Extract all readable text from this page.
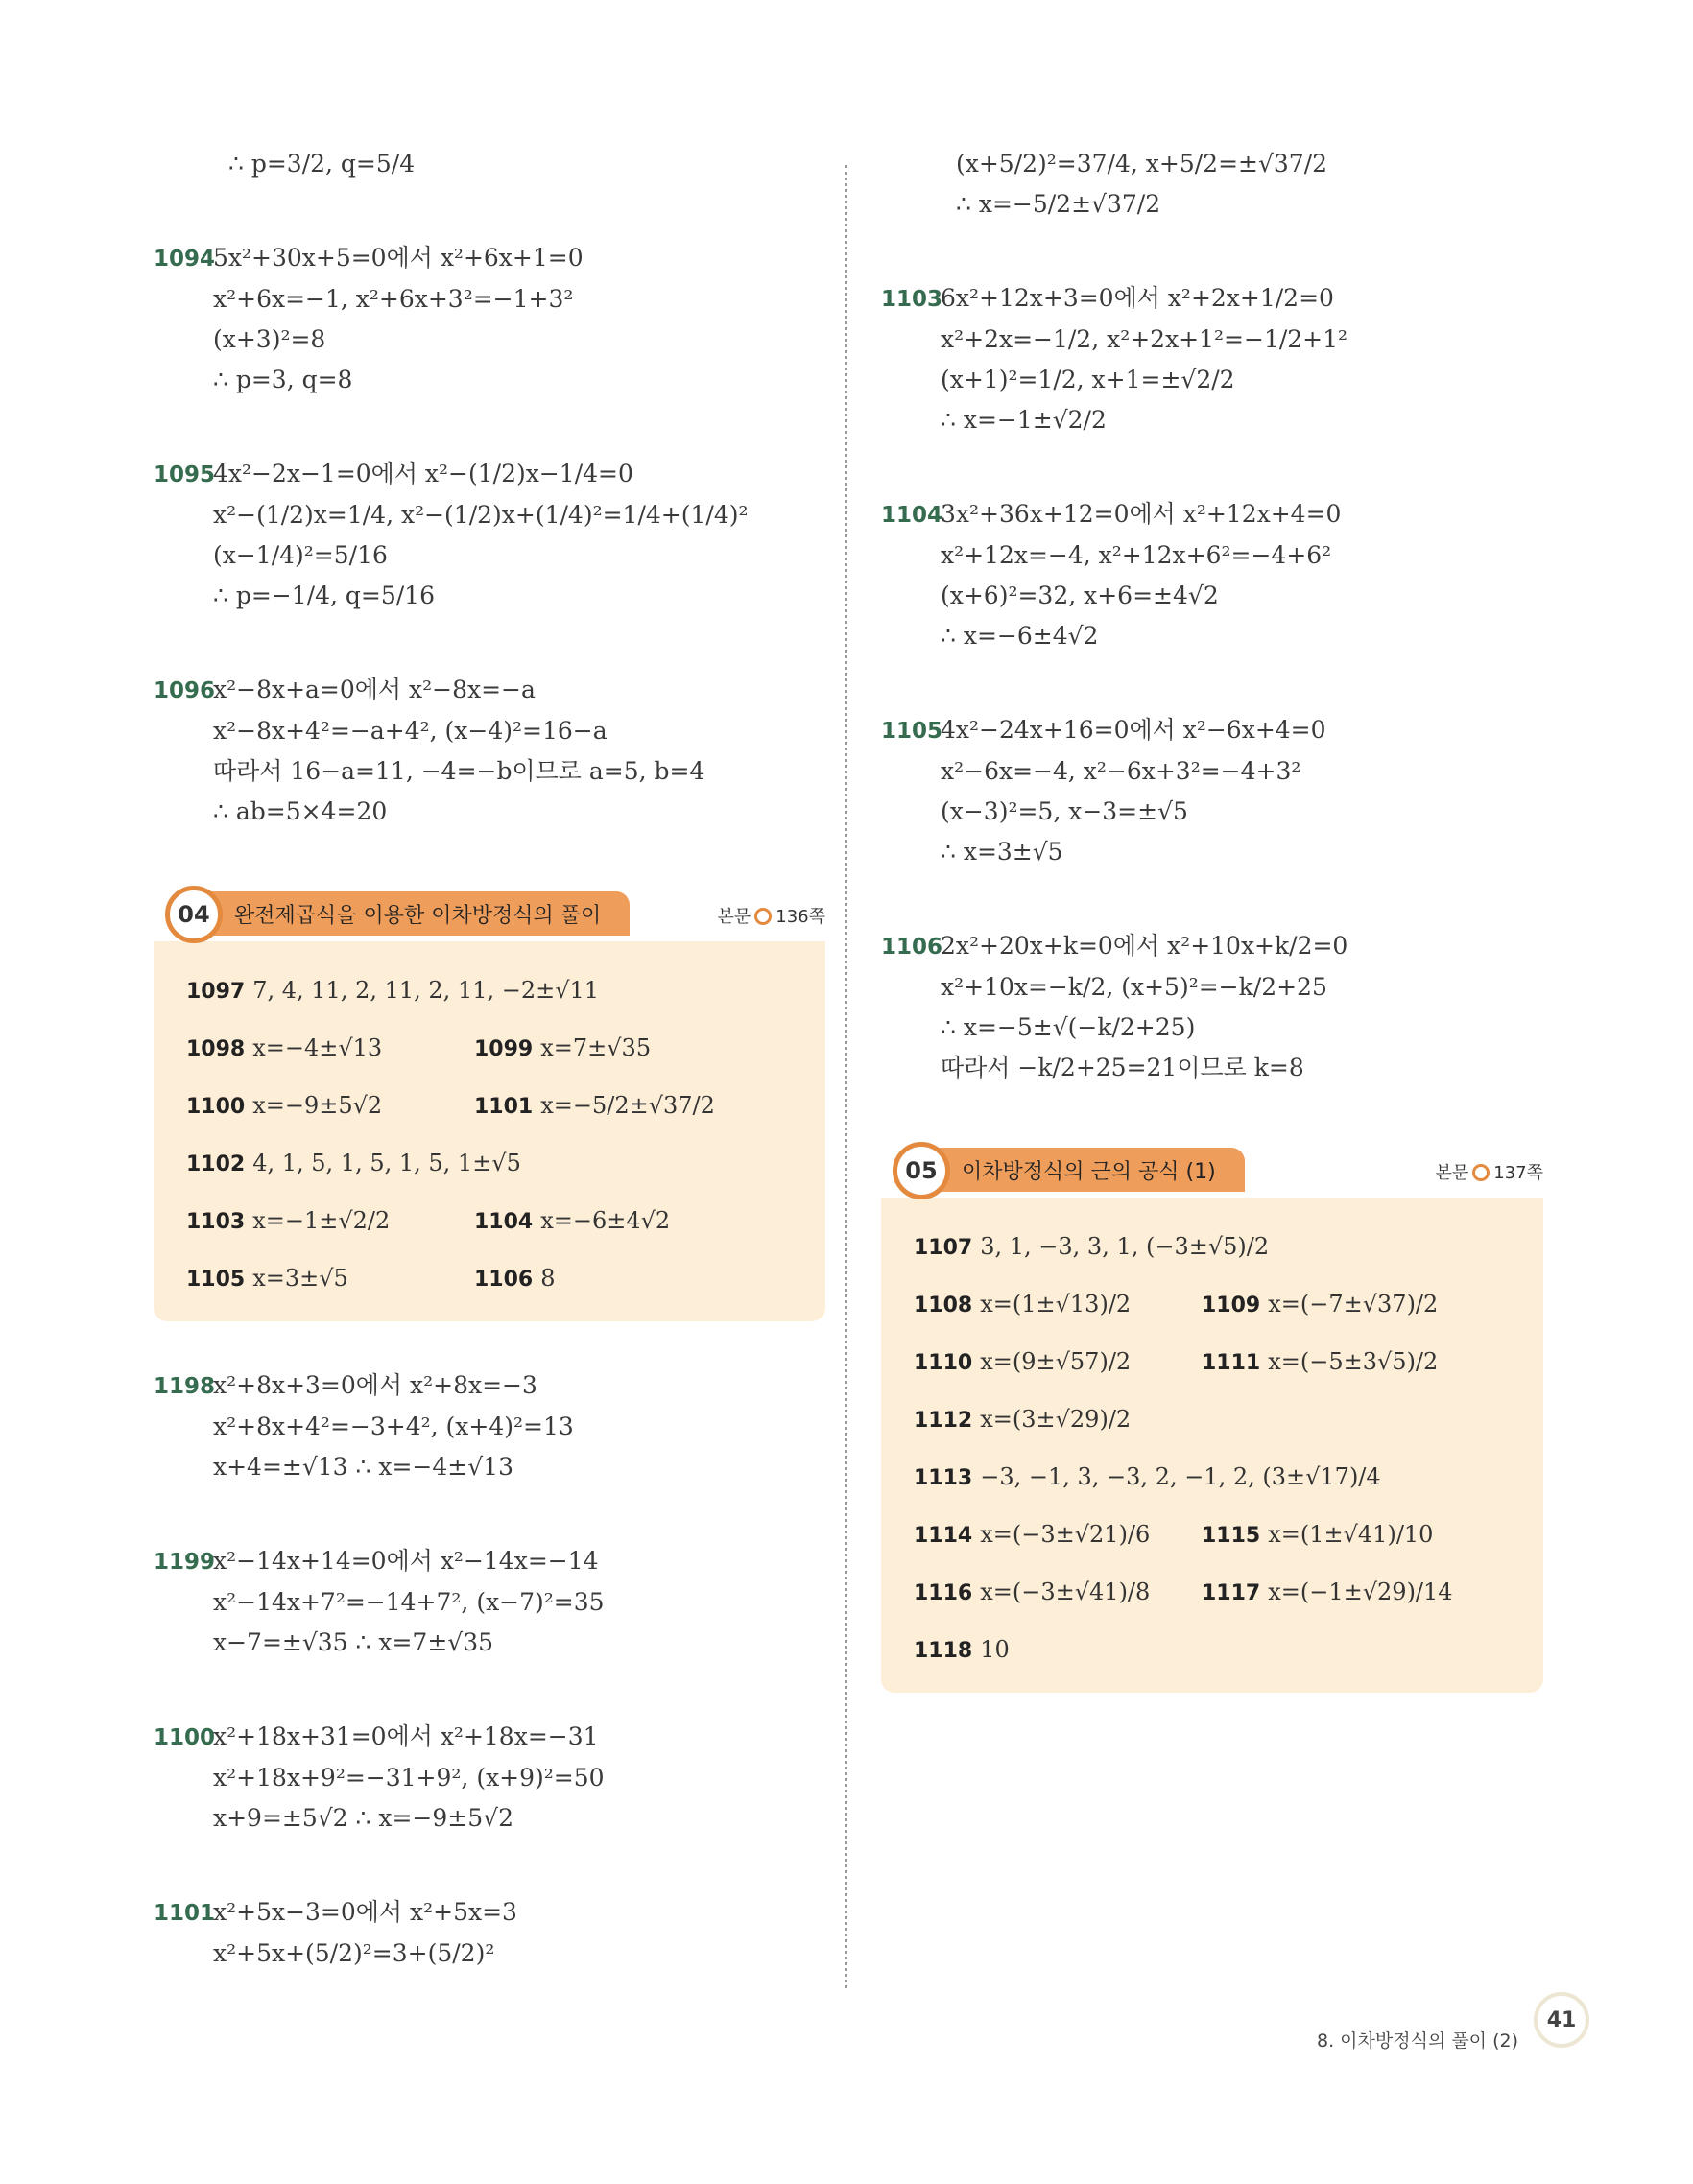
∴ p=3/2, q=5/4
10945x²+30x+5=0에서 x²+6x+1=0
x²+6x=−1, x²+6x+3²=−1+3²
(x+3)²=8
∴ p=3, q=8
10954x²−2x−1=0에서 x²−(1/2)x−1/4=0
x²−(1/2)x=1/4, x²−(1/2)x+(1/4)²=1/4+(1/4)²
(x−1/4)²=5/16
∴ p=−1/4, q=5/16
1096x²−8x+a=0에서 x²−8x=−a
x²−8x+4²=−a+4², (x−4)²=16−a
따라서 16−a=11, −4=−b이므로 a=5, b=4
∴ ab=5×4=20
04	완전제곱식을 이용한 이차방정식의 풀이	본문 136쪽
1097 7, 4, 11, 2, 11, 2, 11, −2±√11
1098 x=−4±√13	1099 x=7±√35
1100 x=−9±5√2	1101 x=−5/2±√37/2
1102 4, 1, 5, 1, 5, 1, 5, 1±√5
1103 x=−1±√2/2	1104 x=−6±4√2
1105 x=3±√5	1106 8
1198x²+8x+3=0에서 x²+8x=−3
x²+8x+4²=−3+4², (x+4)²=13
x+4=±√13 ∴ x=−4±√13
1199x²−14x+14=0에서 x²−14x=−14
x²−14x+7²=−14+7², (x−7)²=35
x−7=±√35 ∴ x=7±√35
1100x²+18x+31=0에서 x²+18x=−31
x²+18x+9²=−31+9², (x+9)²=50
x+9=±5√2 ∴ x=−9±5√2
1101x²+5x−3=0에서 x²+5x=3
x²+5x+(5/2)²=3+(5/2)²
(x+5/2)²=37/4, x+5/2=±√37/2
∴ x=−5/2±√37/2
11036x²+12x+3=0에서 x²+2x+1/2=0
x²+2x=−1/2, x²+2x+1²=−1/2+1²
(x+1)²=1/2, x+1=±√2/2
∴ x=−1±√2/2
11043x²+36x+12=0에서 x²+12x+4=0
x²+12x=−4, x²+12x+6²=−4+6²
(x+6)²=32, x+6=±4√2
∴ x=−6±4√2
11054x²−24x+16=0에서 x²−6x+4=0
x²−6x=−4, x²−6x+3²=−4+3²
(x−3)²=5, x−3=±√5
∴ x=3±√5
11062x²+20x+k=0에서 x²+10x+k/2=0
x²+10x=−k/2, (x+5)²=−k/2+25
∴ x=−5±√(−k/2+25)
따라서 −k/2+25=21이므로 k=8
05	이차방정식의 근의 공식 (1)	본문 137쪽
1107 3, 1, −3, 3, 1, (−3±√5)/2
1108 x=(1±√13)/2	1109 x=(−7±√37)/2
1110 x=(9±√57)/2	1111 x=(−5±3√5)/2
1112 x=(3±√29)/2
1113 −3, −1, 3, −3, 2, −1, 2, (3±√17)/4
1114 x=(−3±√21)/6	1115 x=(1±√41)/10
1116 x=(−3±√41)/8	1117 x=(−1±√29)/14
1118 10
8. 이차방정식의 풀이 (2)
41
